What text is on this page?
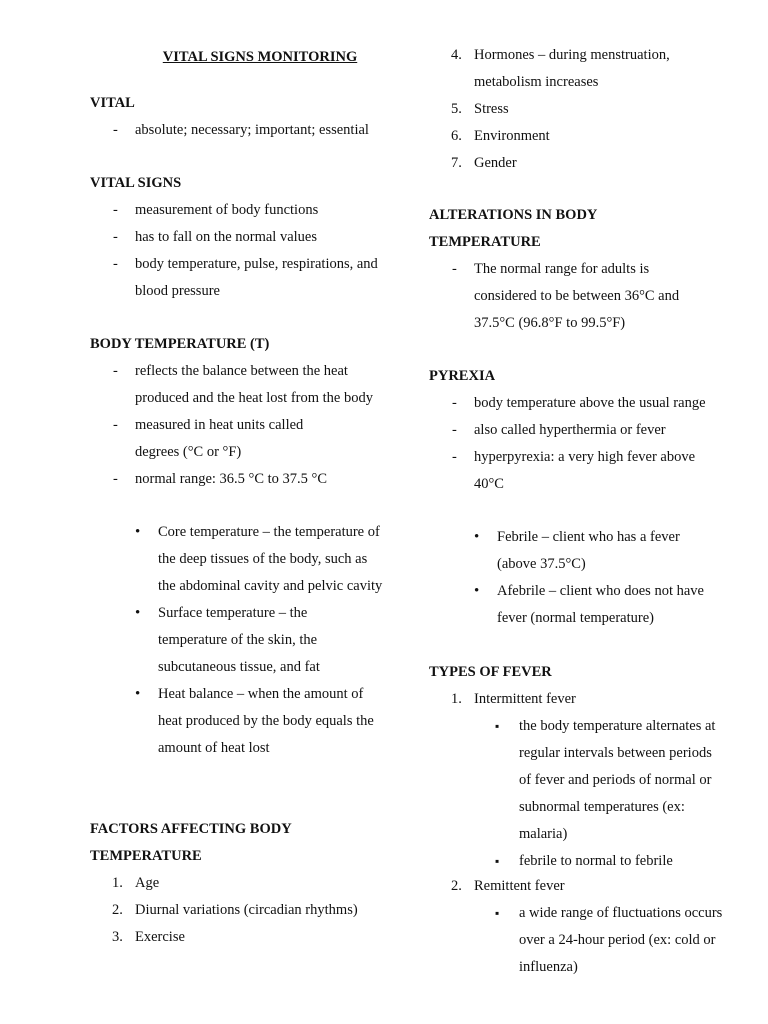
VITAL SIGNS MONITORING
VITAL
- absolute; necessary; important; essential
VITAL SIGNS
- measurement of body functions
- has to fall on the normal values
- body temperature, pulse, respirations, and blood pressure
BODY TEMPERATURE (T)
- reflects the balance between the heat produced and the heat lost from the body
- measured in heat units called degrees (°C or °F)
- normal range: 36.5 °C to 37.5 °C
• Core temperature – the temperature of the deep tissues of the body, such as the abdominal cavity and pelvic cavity
• Surface temperature – the temperature of the skin, the subcutaneous tissue, and fat
• Heat balance – when the amount of heat produced by the body equals the amount of heat lost
FACTORS AFFECTING BODY
TEMPERATURE
1. Age
2. Diurnal variations (circadian rhythms)
3. Exercise
4. Hormones – during menstruation, metabolism increases
5. Stress
6. Environment
7. Gender
ALTERATIONS IN BODY
TEMPERATURE
- The normal range for adults is considered to be between 36°C and 37.5°C (96.8°F to 99.5°F)
PYREXIA
- body temperature above the usual range
- also called hyperthermia or fever
- hyperpyrexia: a very high fever above 40°C
• Febrile – client who has a fever (above 37.5°C)
• Afebrile – client who does not have fever (normal temperature)
TYPES OF FEVER
1. Intermittent fever
▪ the body temperature alternates at regular intervals between periods of fever and periods of normal or subnormal temperatures (ex: malaria)
▪ febrile to normal to febrile
2. Remittent fever
▪ a wide range of fluctuations occurs over a 24-hour period (ex: cold or influenza)
